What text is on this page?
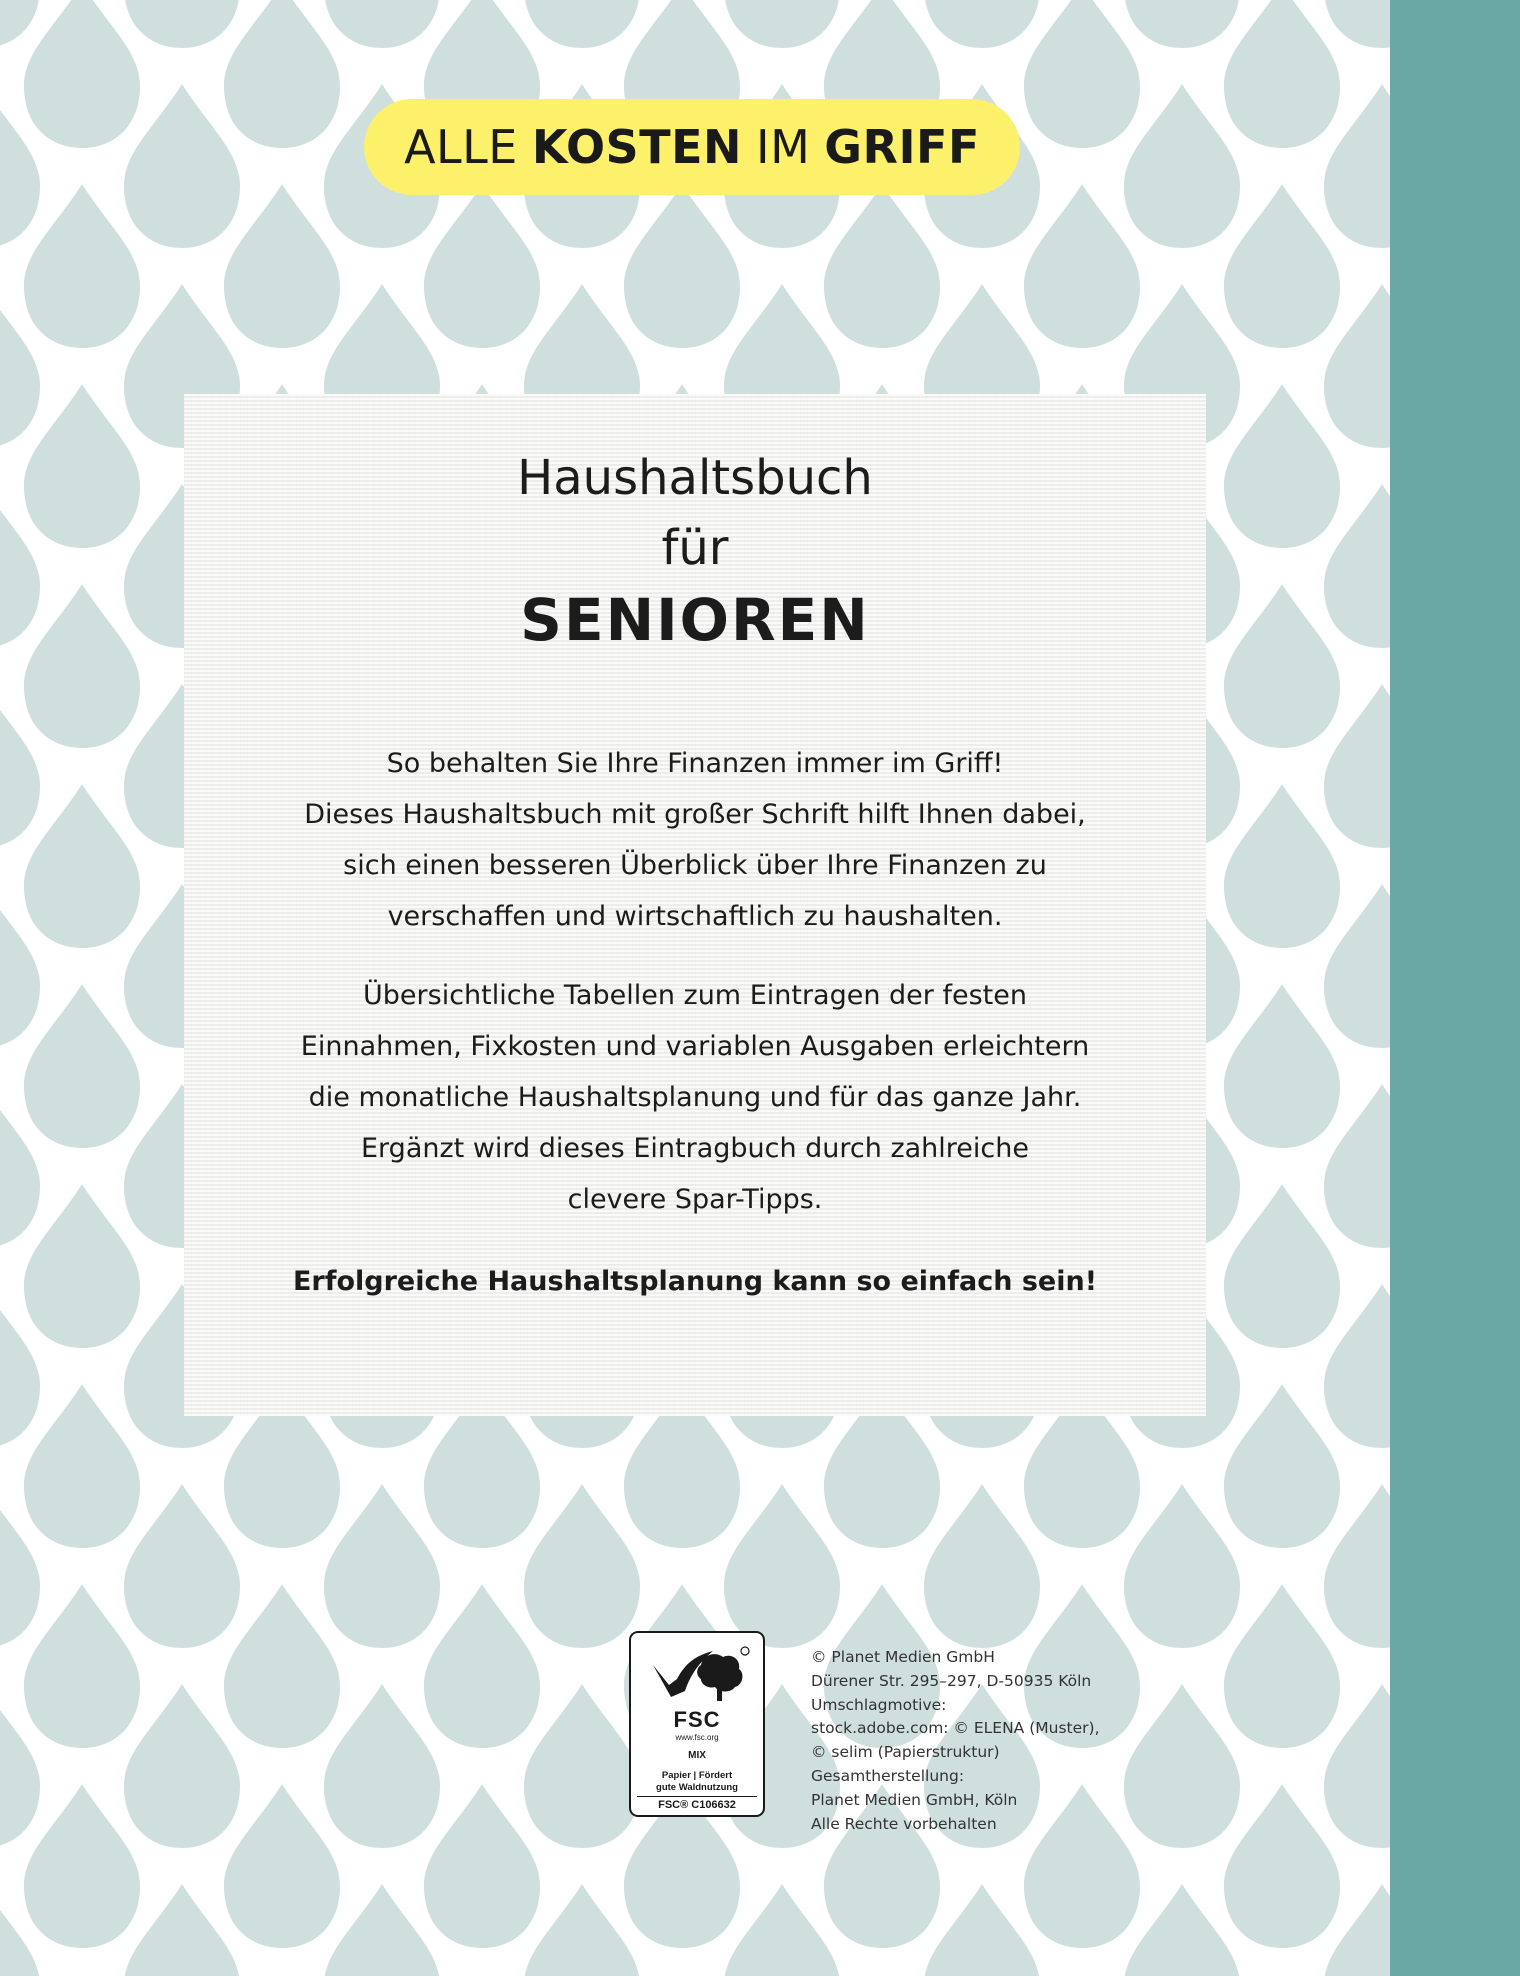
ALLE KOSTEN IM GRIFF
Haushaltsbuch
für
SENIOREN
So behalten Sie Ihre Finanzen immer im Griff!
Dieses Haushaltsbuch mit großer Schrift hilft Ihnen dabei,
sich einen besseren Überblick über Ihre Finanzen zu
verschaffen und wirtschaftlich zu haushalten.
Übersichtliche Tabellen zum Eintragen der festen
Einnahmen, Fixkosten und variablen Ausgaben erleichtern
die monatliche Haushaltsplanung und für das ganze Jahr.
Ergänzt wird dieses Eintragbuch durch zahlreiche
clevere Spar-Tipps.
Erfolgreiche Haushaltsplanung kann so einfach sein!
FSC
www.fsc.org
MIX
Papier | Fördert
gute Waldnutzung
FSC® C106632
© Planet Medien GmbH
Dürener Str. 295–297, D-50935 Köln
Umschlagmotive:
stock.adobe.com: © ELENA (Muster),
© selim (Papierstruktur)
Gesamtherstellung:
Planet Medien GmbH, Köln
Alle Rechte vorbehalten
